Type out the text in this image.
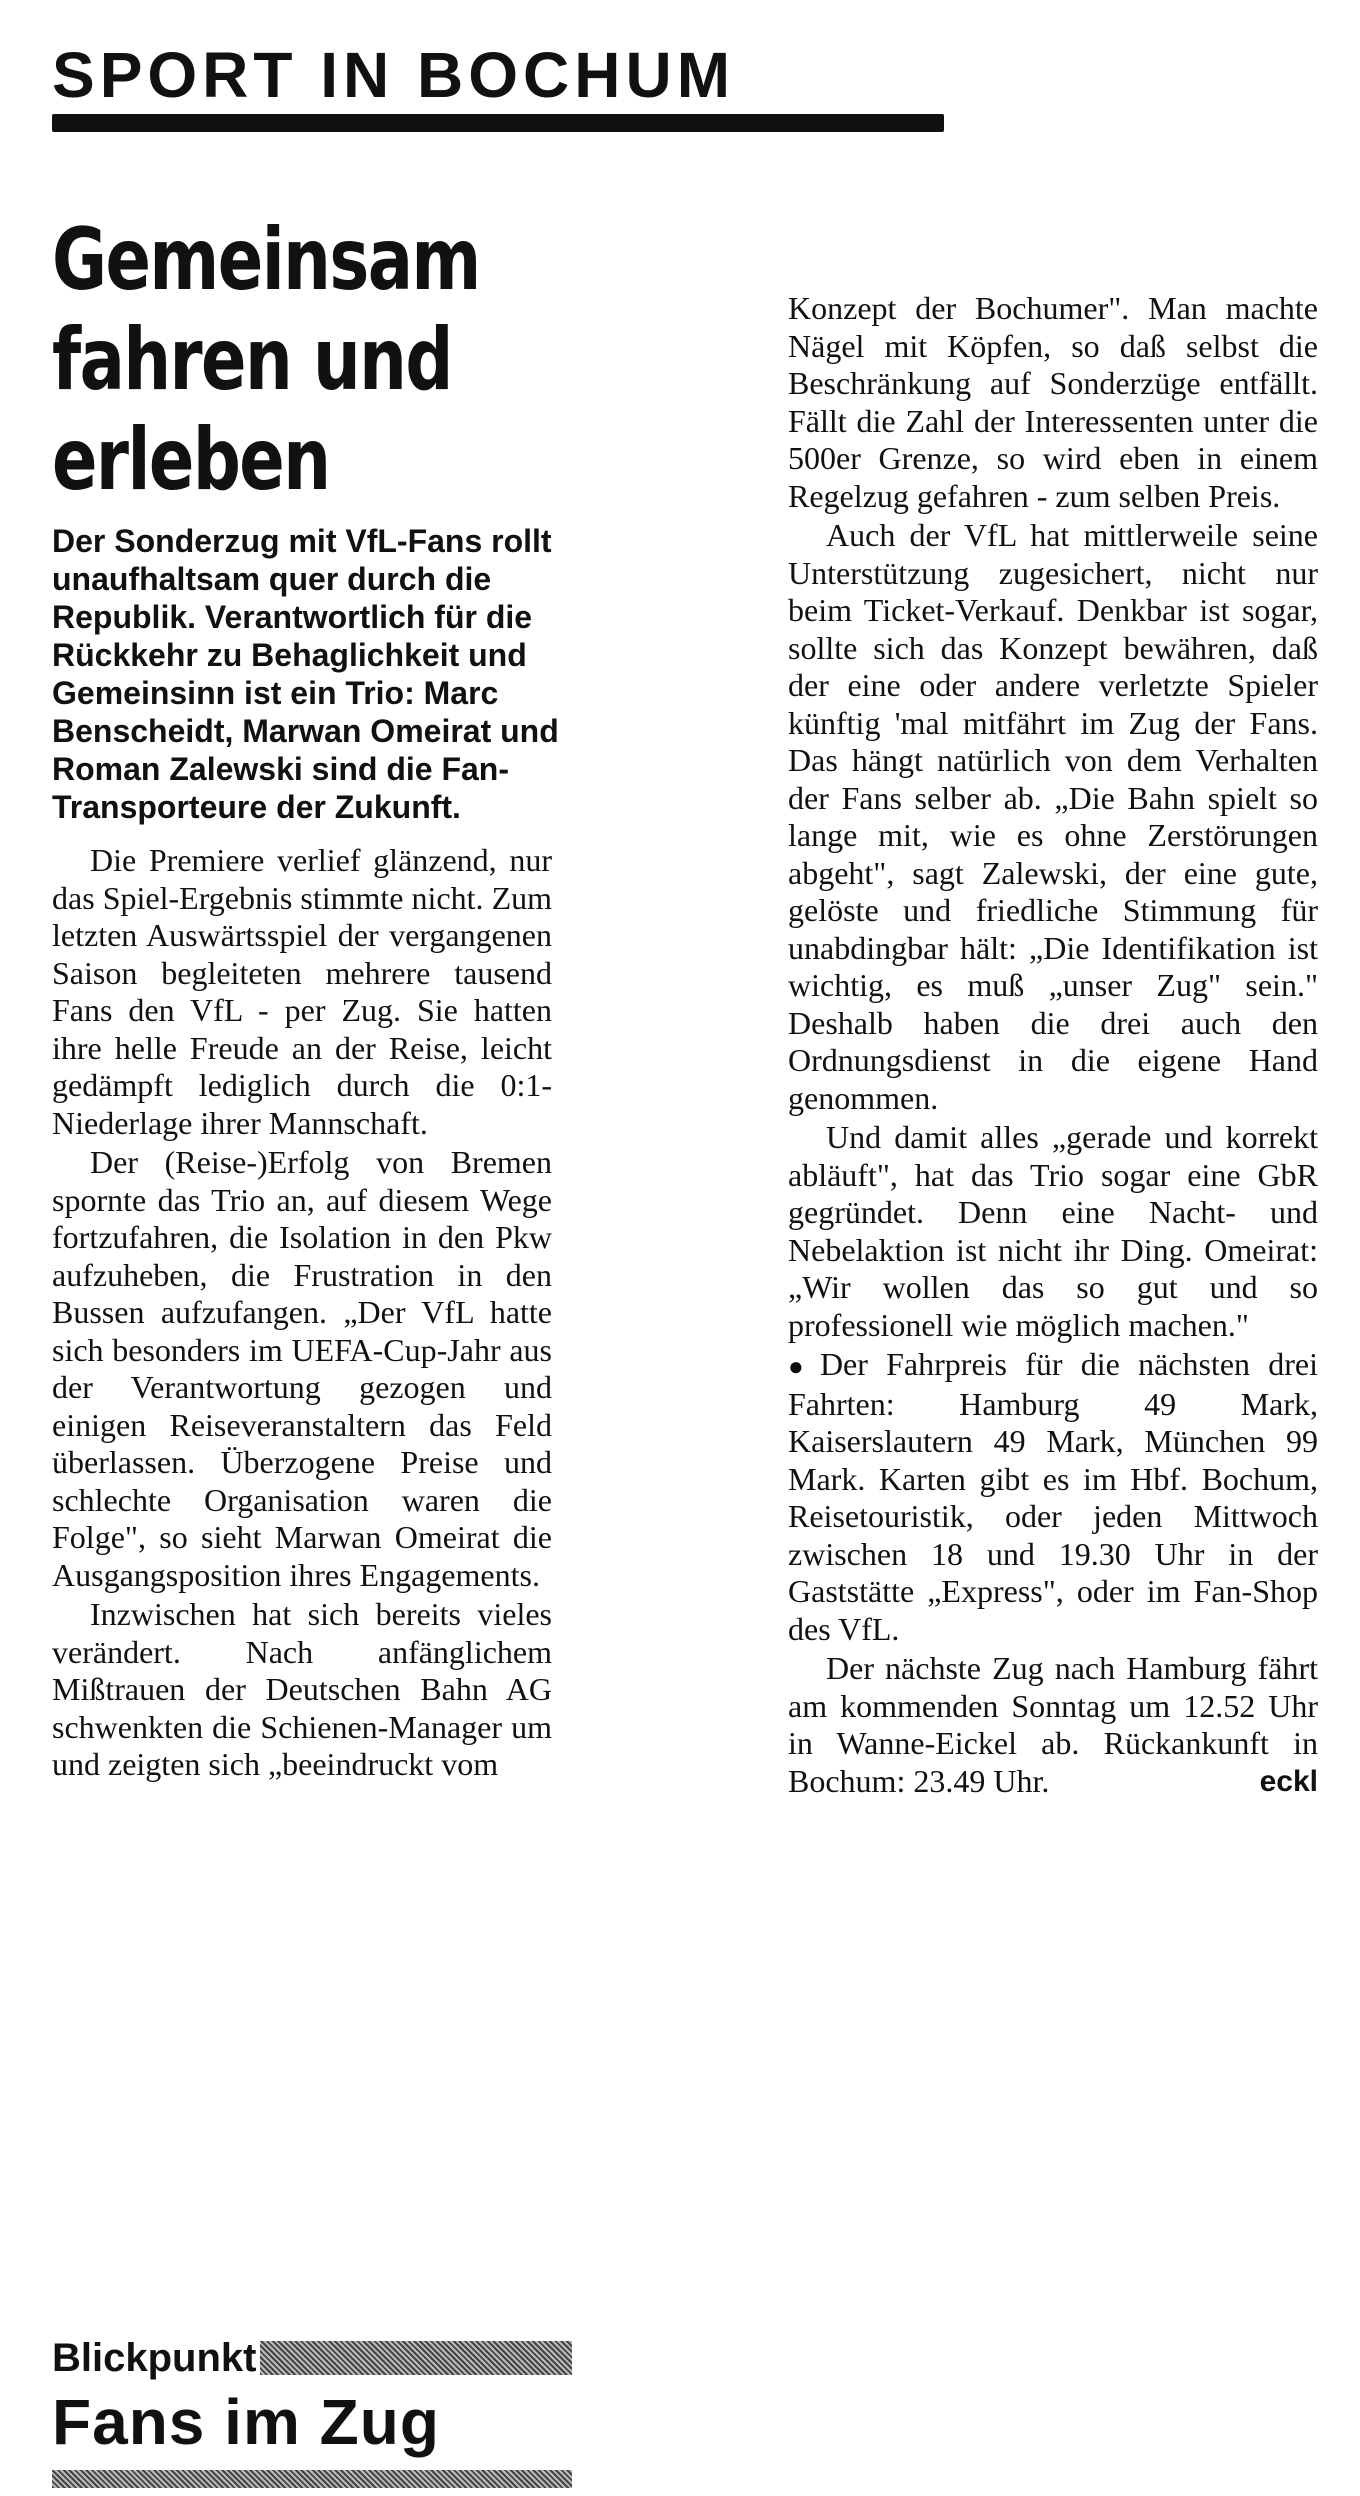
SPORT IN BOCHUM
Gemeinsam fahren und erleben

Der Sonderzug mit VfL-Fans rollt unaufhaltsam quer durch die Republik. Verantwortlich für die Rückkehr zu Behaglichkeit und Gemeinsinn ist ein Trio: Marc Benscheidt, Marwan Omeirat und Roman Zalewski sind die Fan-Transporteure der Zukunft.

Die Premiere verlief glänzend, nur das Spiel-Ergebnis stimmte nicht. Zum letzten Auswärtsspiel der vergangenen Saison begleiteten mehrere tausend Fans den VfL - per Zug. Sie hatten ihre helle Freude an der Reise, leicht gedämpft lediglich durch die 0:1-Niederlage ihrer Mannschaft.

Der (Reise-)Erfolg von Bremen spornte das Trio an, auf diesem Wege fortzufahren, die Isolation in den Pkw aufzuheben, die Frustration in den Bussen aufzufangen. „Der VfL hatte sich besonders im UEFA-Cup-Jahr aus der Verantwortung gezogen und einigen Reiseveranstaltern das Feld überlassen. Überzogene Preise und schlechte Organisation waren die Folge", so sieht Marwan Omeirat die Ausgangsposition ihres Engagements.

Inzwischen hat sich bereits vieles verändert. Nach anfänglichem Mißtrauen der Deutschen Bahn AG schwenkten die Schienen-Manager um und zeigten sich „beeindruckt vom

Konzept der Bochumer". Man machte Nägel mit Köpfen, so daß selbst die Beschränkung auf Sonderzüge entfällt. Fällt die Zahl der Interessenten unter die 500er Grenze, so wird eben in einem Regelzug gefahren - zum selben Preis.

Auch der VfL hat mittlerweile seine Unterstützung zugesichert, nicht nur beim Ticket-Verkauf. Denkbar ist sogar, sollte sich das Konzept bewähren, daß der eine oder andere verletzte Spieler künftig 'mal mitfährt im Zug der Fans. Das hängt natürlich von dem Verhalten der Fans selber ab. „Die Bahn spielt so lange mit, wie es ohne Zerstörungen abgeht", sagt Zalewski, der eine gute, gelöste und friedliche Stimmung für unabdingbar hält: „Die Identifikation ist wichtig, es muß „unser Zug" sein." Deshalb haben die drei auch den Ordnungsdienst in die eigene Hand genommen.

Und damit alles „gerade und korrekt abläuft", hat das Trio sogar eine GbR gegründet. Denn eine Nacht- und Nebelaktion ist nicht ihr Ding. Omeirat: „Wir wollen das so gut und so professionell wie möglich machen."

● Der Fahrpreis für die nächsten drei Fahrten: Hamburg 49 Mark, Kaiserslautern 49 Mark, München 99 Mark. Karten gibt es im Hbf. Bochum, Reisetouristik, oder jeden Mittwoch zwischen 18 und 19.30 Uhr in der Gaststätte „Express", oder im Fan-Shop des VfL.

Der nächste Zug nach Hamburg fährt am kommenden Sonntag um 12.52 Uhr in Wanne-Eickel ab. Rückankunft in Bochum: 23.49 Uhr.	eckl

Blickpunkt
Fans im Zug
